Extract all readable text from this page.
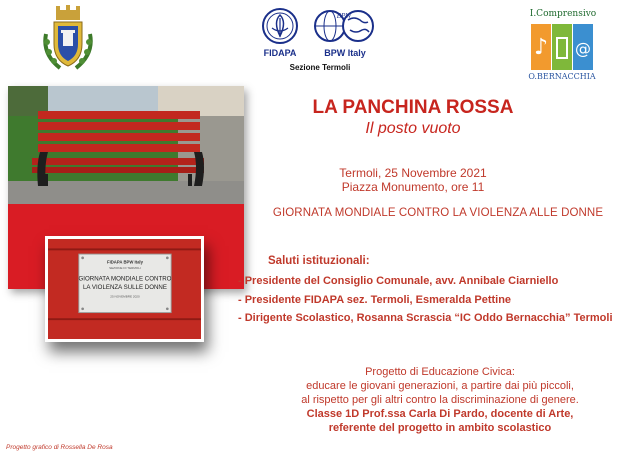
FIDAPA
BPW
BPW Italy
Sezione Termoli
I.Comprensivo
♪ @
O.BERNACCHIA
FIDAPA BPW Italy
SEZIONE DI TERMOLI
GIORNATA MONDIALE CONTRO
LA VIOLENZA SULLE DONNE
25 NOVEMBRE 2020
LA PANCHINA ROSSA
Il posto vuoto
Termoli, 25 Novembre 2021
Piazza Monumento, ore 11
GIORNATA MONDIALE CONTRO LA VIOLENZA ALLE DONNE
Saluti istituzionali:
- Presidente del Consiglio Comunale, avv. Annibale Ciarniello
- Presidente FIDAPA sez. Termoli, Esmeralda Pettine
- Dirigente Scolastico, Rosanna Scrascia “IC Oddo Bernacchia” Termoli
Progetto di Educazione Civica:
educare le giovani generazioni, a partire dai più piccoli,
al rispetto per gli altri contro la discriminazione di genere.
Classe 1D Prof.ssa Carla Di Pardo, docente di Arte,
referente del progetto in ambito scolastico
Progetto grafico di Rossella De Rosa
